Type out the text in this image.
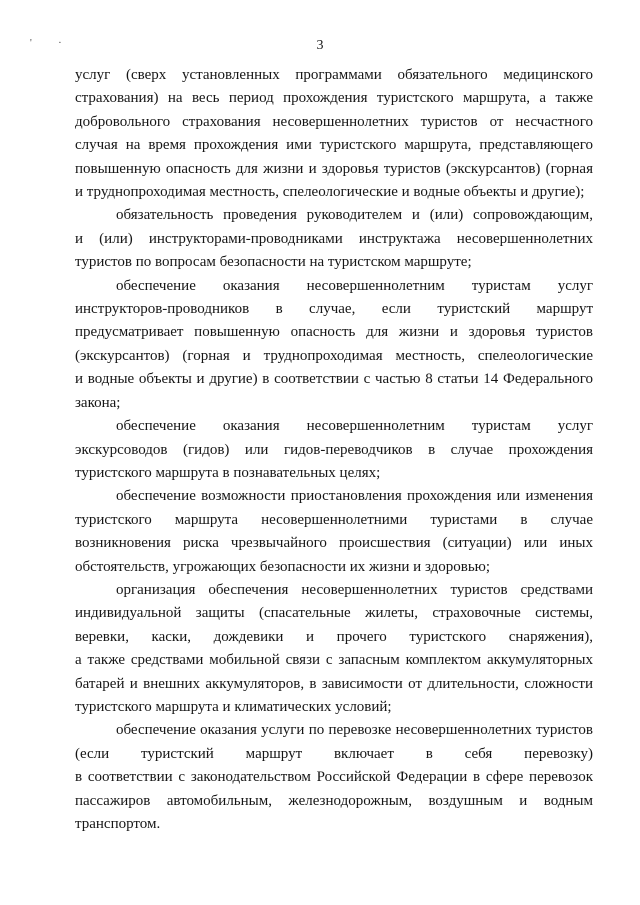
' ·	3

услуг (сверх установленных программами обязательного медицинского
страхования) на весь период прохождения туристского маршрута, а также
добровольного страхования несовершеннолетних туристов от несчастного
случая на время прохождения ими туристского маршрута, представляющего
повышенную опасность для жизни и здоровья туристов (экскурсантов) (горная
и труднопроходимая местность, спелеологические и водные объекты и другие);

обязательность проведения руководителем и (или) сопровождающим,
и (или) инструкторами-проводниками инструктажа несовершеннолетних
туристов по вопросам безопасности на туристском маршруте;

обеспечение оказания несовершеннолетним туристам услуг
инструкторов-проводников в случае, если туристский маршрут
предусматривает повышенную опасность для жизни и здоровья туристов
(экскурсантов) (горная и труднопроходимая местность, спелеологические
и водные объекты и другие) в соответствии с частью 8 статьи 14 Федерального
закона;

обеспечение оказания несовершеннолетним туристам услуг
экскурсоводов (гидов) или гидов-переводчиков в случае прохождения
туристского маршрута в познавательных целях;

обеспечение возможности приостановления прохождения или изменения
туристского маршрута несовершеннолетними туристами в случае
возникновения риска чрезвычайного происшествия (ситуации) или иных
обстоятельств, угрожающих безопасности их жизни и здоровью;

организация обеспечения несовершеннолетних туристов средствами
индивидуальной защиты (спасательные жилеты, страховочные системы,
веревки, каски, дождевики и прочего туристского снаряжения),
а также средствами мобильной связи с запасным комплектом аккумуляторных
батарей и внешних аккумуляторов, в зависимости от длительности, сложности
туристского маршрута и климатических условий;

обеспечение оказания услуги по перевозке несовершеннолетних туристов
(если туристский маршрут включает в себя перевозку)
в соответствии с законодательством Российской Федерации в сфере перевозок
пассажиров автомобильным, железнодорожным, воздушным и водным
транспортом.
